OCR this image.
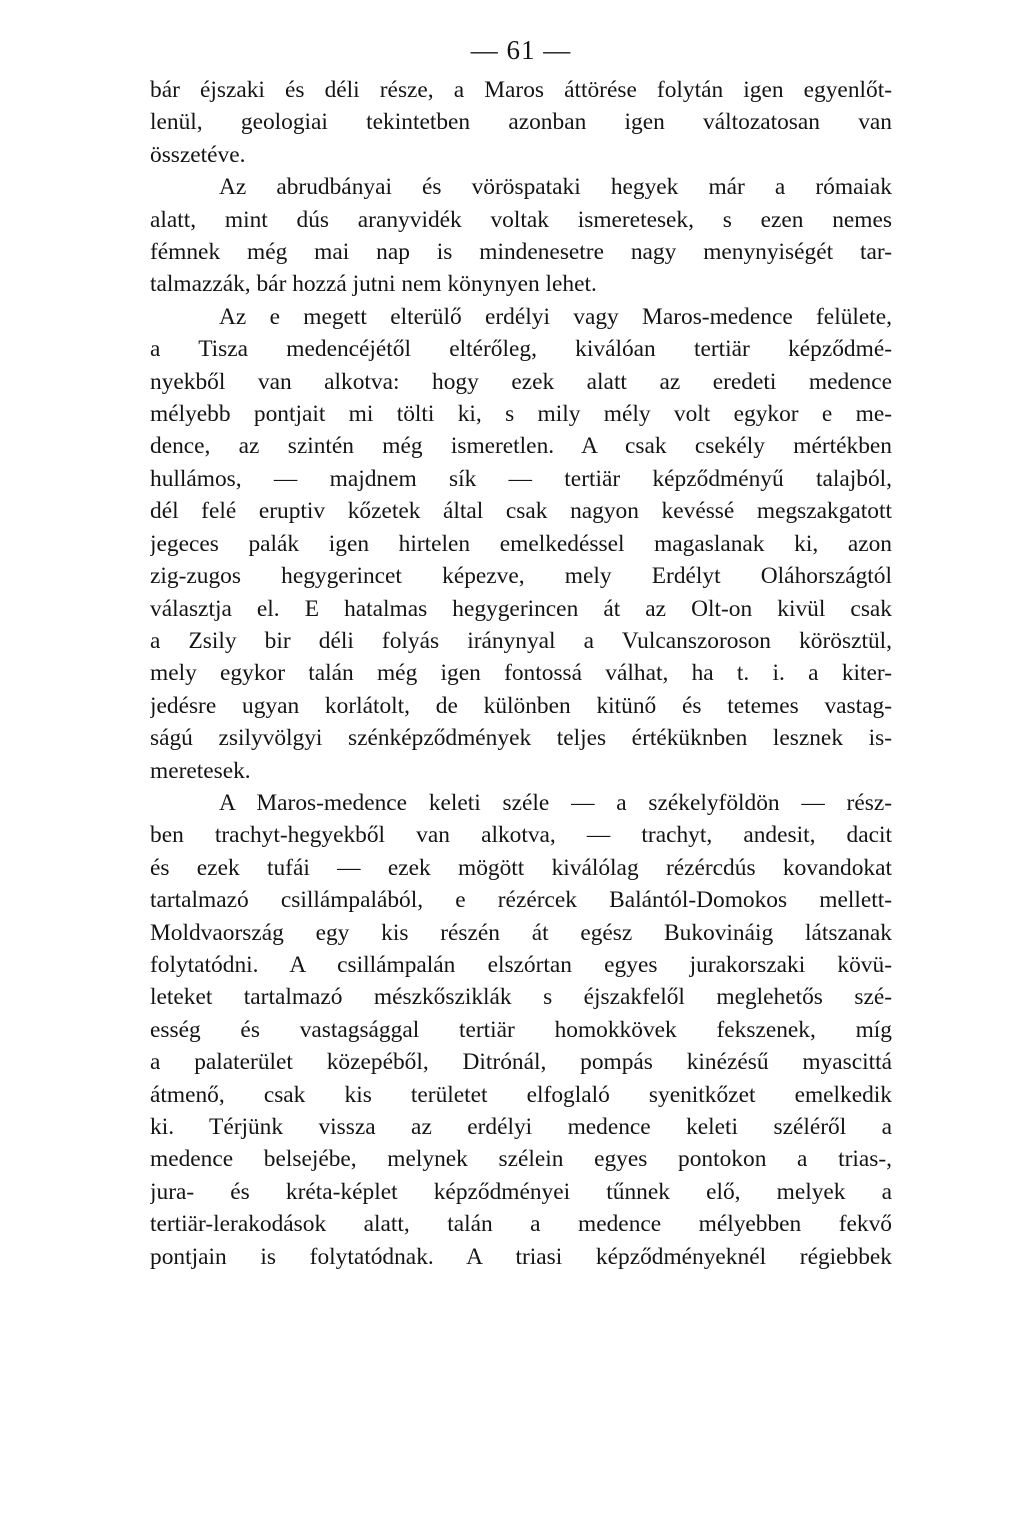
— 61 —
bár éjszaki és déli része, a Maros áttörése folytán igen egyenlőt-
lenül, geologiai tekintetben azonban igen változatosan van
összetéve.
Az abrudbányai és vöröspataki hegyek már a rómaiak
alatt, mint dús aranyvidék voltak ismeretesek, s ezen nemes
fémnek még mai nap is mindenesetre nagy menynyiségét tar-
talmazzák, bár hozzá jutni nem könynyen lehet.
Az e megett elterülő erdélyi vagy Maros-medence felülete,
a Tisza medencéjétől eltérőleg, kiválóan tertiär képződmé-
nyekből van alkotva: hogy ezek alatt az eredeti medence
mélyebb pontjait mi tölti ki, s mily mély volt egykor e me-
dence, az szintén még ismeretlen. A csak csekély mértékben
hullámos, — majdnem sík — tertiär képződményű talajból,
dél felé eruptiv kőzetek által csak nagyon kevéssé megszakgatott
jegeces palák igen hirtelen emelkedéssel magaslanak ki, azon
zig-zugos hegygerincet képezve, mely Erdélyt Oláhországtól
választja el. E hatalmas hegygerincen át az Olt-on kivül csak
a Zsily bir déli folyás iránynyal a Vulcanszoroson körösztül,
mely egykor talán még igen fontossá válhat, ha t. i. a kiter-
jedésre ugyan korlátolt, de különben kitünő és tetemes vastag-
ságú zsilyvölgyi szénképződmények teljes értéküknben lesznek is-
meretesek.
A Maros-medence keleti széle — a székelyföldön — rész-
ben trachyt-hegyekből van alkotva, — trachyt, andesit, dacit
és ezek tufái — ezek mögött kiválólag rézércdús kovandokat
tartalmazó csillámpalából, e rézércek Balántól-Domokos mellett-
Moldvaország egy kis részén át egész Bukovináig látszanak
folytatódni. A csillámpalán elszórtan egyes jurakorszaki kövü-
leteket tartalmazó mészkősziklák s éjszakfelől meglehetős szé-
esség és vastagsággal tertiär homokkövek fekszenek, míg
a palaterület közepéből, Ditrónál, pompás kinézésű myascittá
átmenő, csak kis területet elfoglaló syenitkőzet emelkedik
ki. Térjünk vissza az erdélyi medence keleti széléről a
medence belsejébe, melynek szélein egyes pontokon a trias-,
jura- és kréta-képlet képződményei tűnnek elő, melyek a
tertiär-lerakodások alatt, talán a medence mélyebben fekvő
pontjain is folytatódnak. A triasi képződményeknél régiebbek
